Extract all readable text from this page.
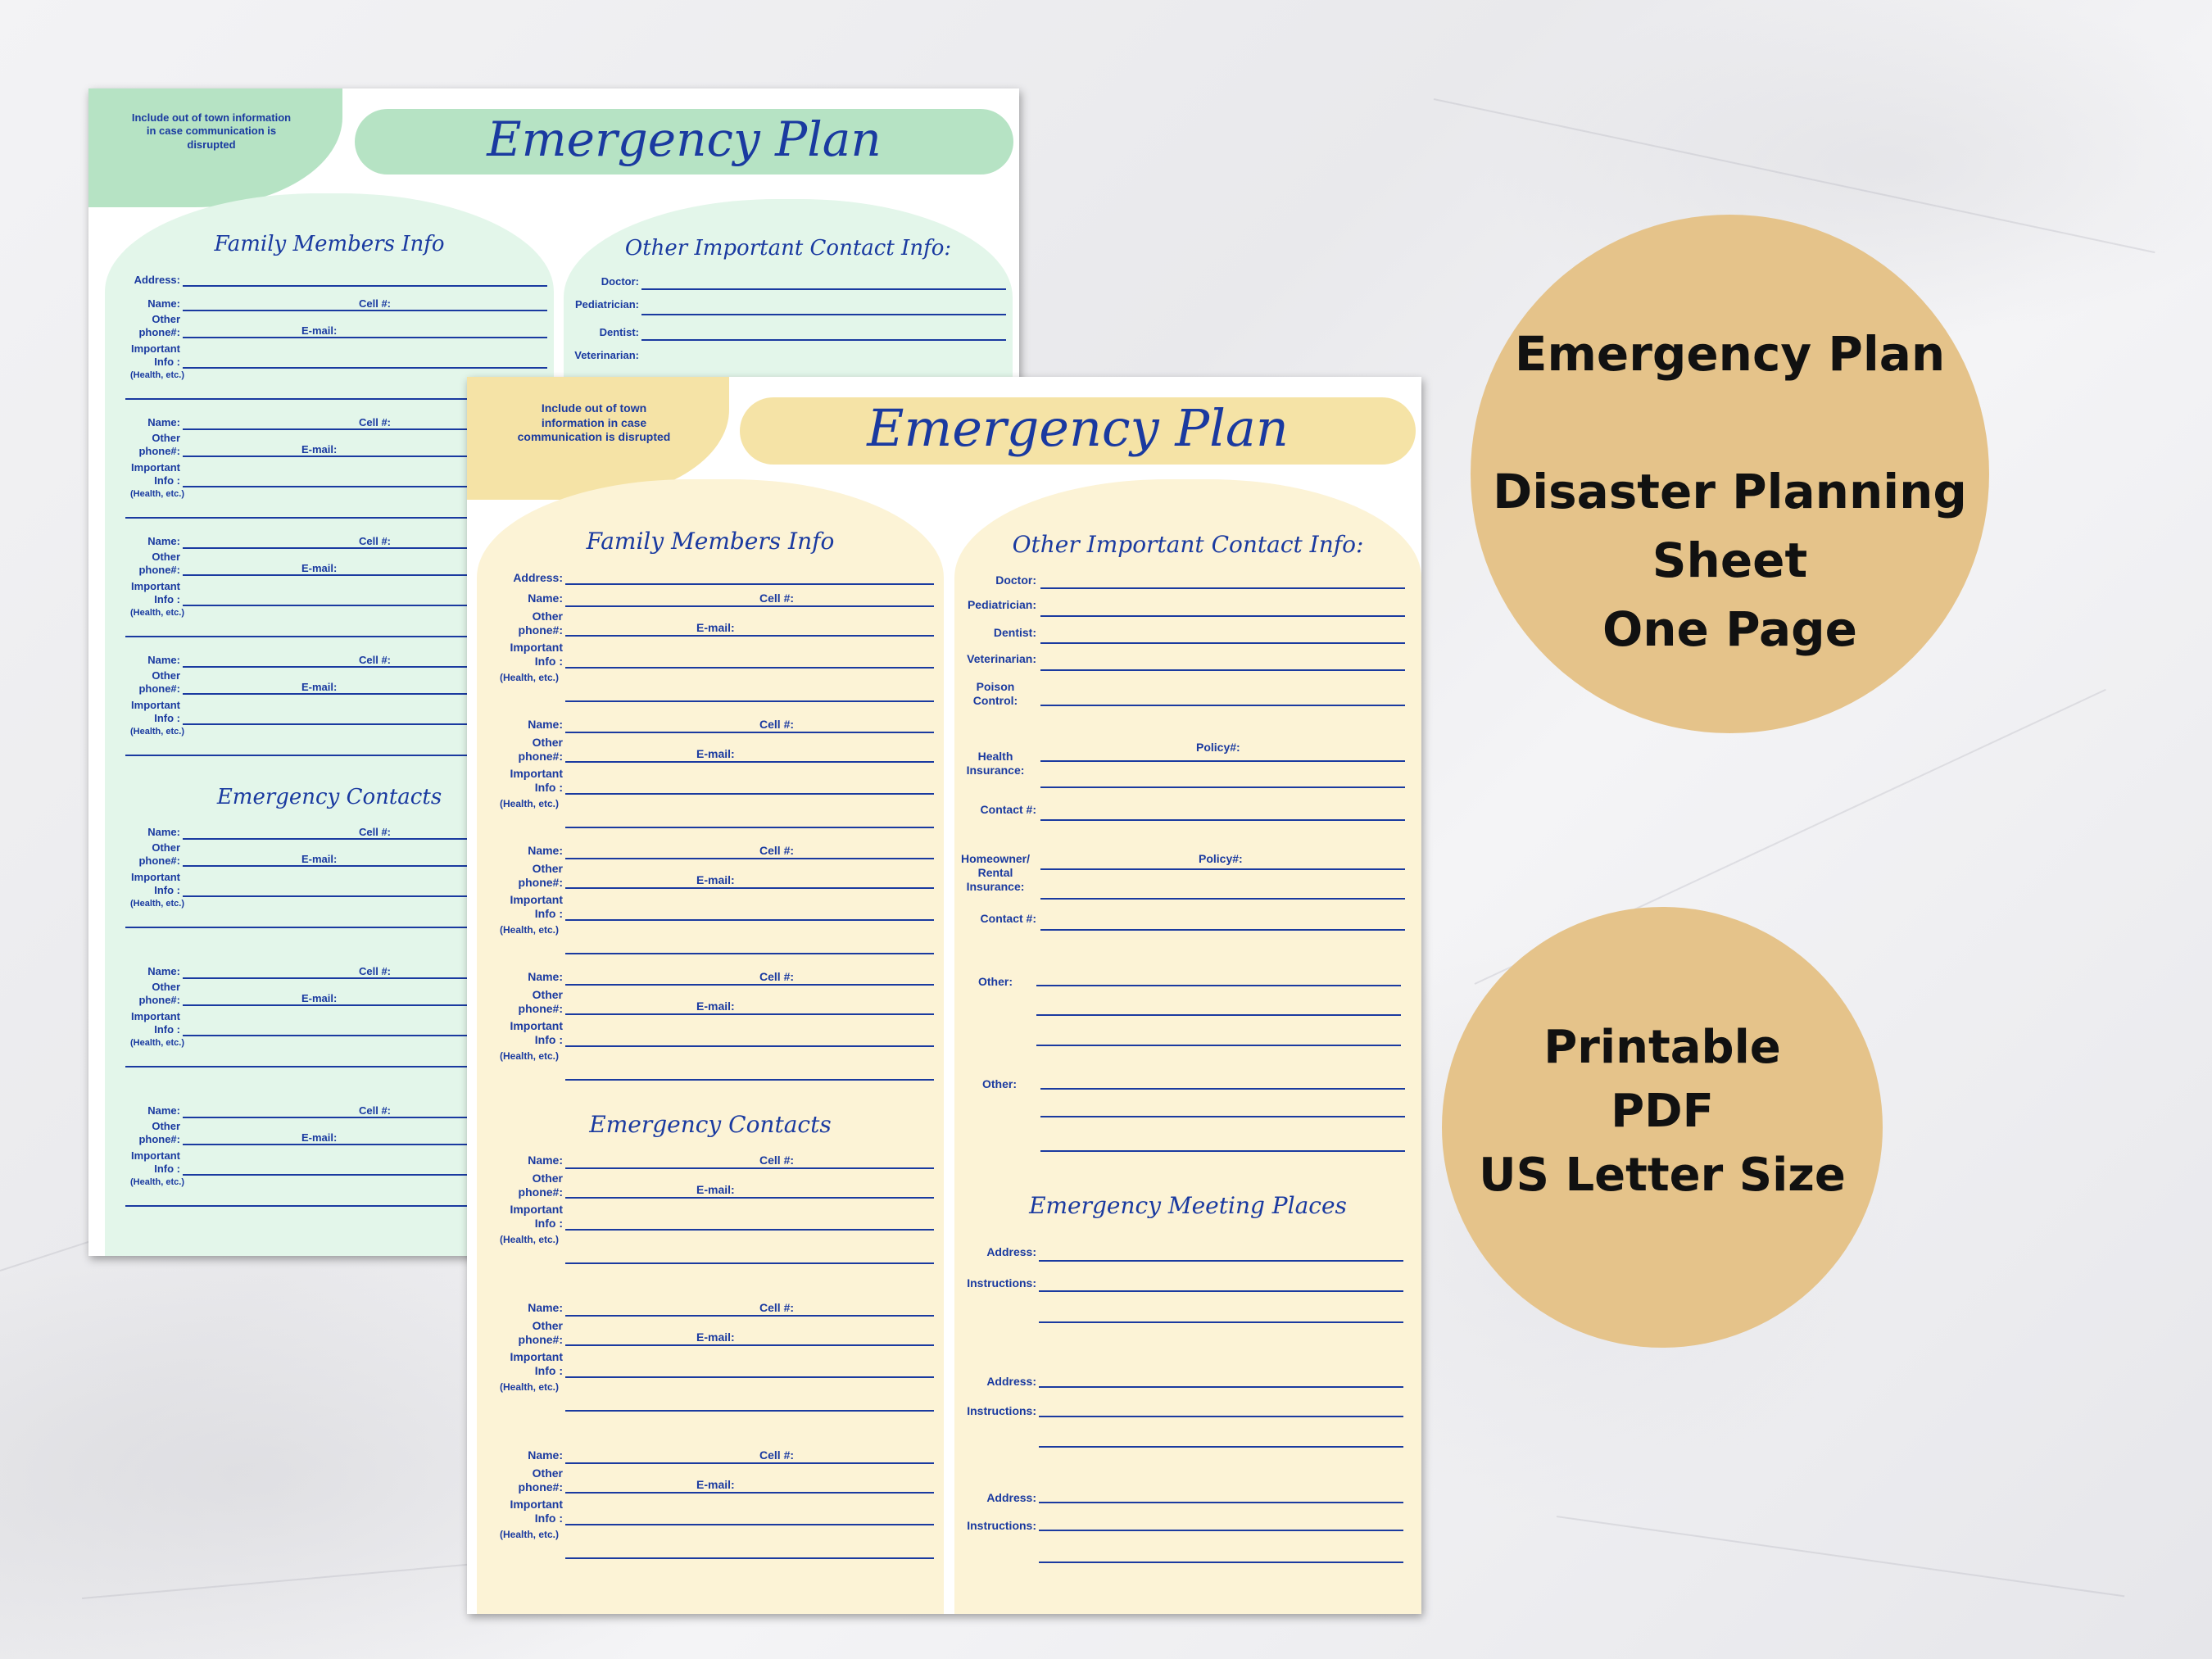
Include out of town information in case communication is disrupted	Emergency Plan
Family Members Info	Other Important Contact Info:
Emergency Contacts
Address:
Name:	Cell #:
Other
phone#:	E-mail:
Important
Info :
(Health, etc.)
Name:	Cell #:
Other
phone#:	E-mail:
Important
Info :
(Health, etc.)
Name:	Cell #:
Other
phone#:	E-mail:
Important
Info :
(Health, etc.)
Name:	Cell #:
Other
phone#:	E-mail:
Important
Info :
(Health, etc.)
Name:	Cell #:
Other
phone#:	E-mail:
Important
Info :
(Health, etc.)
Name:	Cell #:
Other
phone#:	E-mail:
Important
Info :
(Health, etc.)
Name:	Cell #:
Other
phone#:	E-mail:
Important
Info :
(Health, etc.)
Doctor:
Pediatrician:
Dentist:
Veterinarian:
Include out of town information in case communication is disrupted	Emergency Plan
Family Members Info	Other Important Contact Info:
Emergency Contacts
Emergency Meeting Places
Address:
Name:	Cell #:
Other
phone#:	E-mail:
Important
Info :
(Health, etc.)
Name:	Cell #:
Other
phone#:	E-mail:
Important
Info :
(Health, etc.)
Name:	Cell #:
Other
phone#:	E-mail:
Important
Info :
(Health, etc.)
Name:	Cell #:
Other
phone#:	E-mail:
Important
Info :
(Health, etc.)
Name:	Cell #:
Other
phone#:	E-mail:
Important
Info :
(Health, etc.)
Name:	Cell #:
Other
phone#:	E-mail:
Important
Info :
(Health, etc.)
Name:	Cell #:
Other
phone#:	E-mail:
Important
Info :
(Health, etc.)
Doctor:
Pediatrician:
Dentist:
Veterinarian:
Poison
Control:
Health
Insurance:
Policy#:
Contact #:
Homeowner/
Rental
Insurance:
Policy#:
Contact #:
Other:
Other:
Address:
Instructions:
Address:
Instructions:
Address:
Instructions:
Emergency Plan
Disaster Planning
Sheet
One Page
Printable
PDF
US Letter Size
